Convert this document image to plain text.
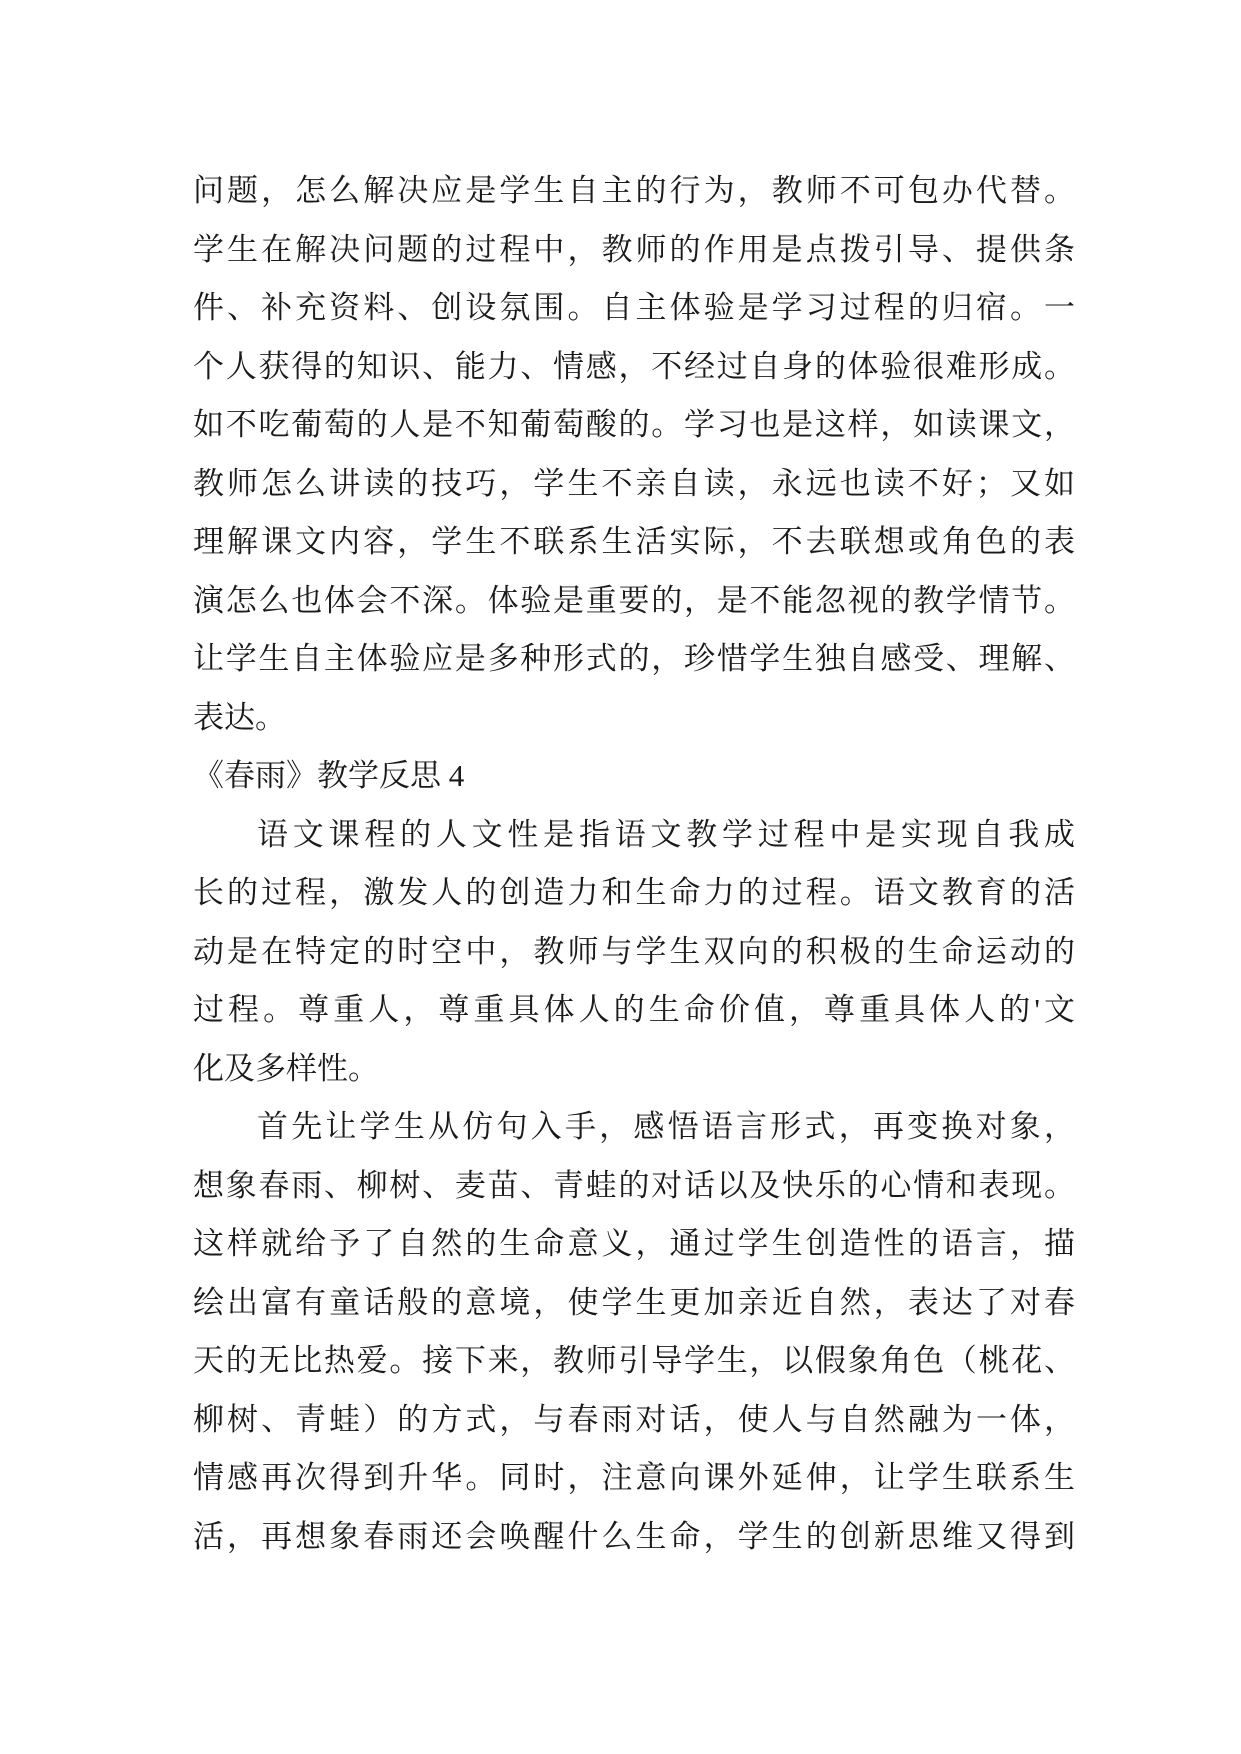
问题，怎么解决应是学生自主的行为，教师不可包办代替。
学生在解决问题的过程中，教师的作用是点拨引导、提供条
件、补充资料、创设氛围。自主体验是学习过程的归宿。一
个人获得的知识、能力、情感，不经过自身的体验很难形成。
如不吃葡萄的人是不知葡萄酸的。学习也是这样，如读课文，
教师怎么讲读的技巧，学生不亲自读，永远也读不好；又如
理解课文内容，学生不联系生活实际，不去联想或角色的表
演怎么也体会不深。体验是重要的，是不能忽视的教学情节。
让学生自主体验应是多种形式的，珍惜学生独自感受、理解、
表达。
《春雨》教学反思 4
语文课程的人文性是指语文教学过程中是实现自我成
长的过程，激发人的创造力和生命力的过程。语文教育的活
动是在特定的时空中，教师与学生双向的积极的生命运动的
过程。尊重人，尊重具体人的生命价值，尊重具体人的'文
化及多样性。
首先让学生从仿句入手，感悟语言形式，再变换对象，
想象春雨、柳树、麦苗、青蛙的对话以及快乐的心情和表现。
这样就给予了自然的生命意义，通过学生创造性的语言，描
绘出富有童话般的意境，使学生更加亲近自然，表达了对春
天的无比热爱。接下来，教师引导学生，以假象角色（桃花、
柳树、青蛙）的方式，与春雨对话，使人与自然融为一体，
情感再次得到升华。同时，注意向课外延伸，让学生联系生
活，再想象春雨还会唤醒什么生命，学生的创新思维又得到
